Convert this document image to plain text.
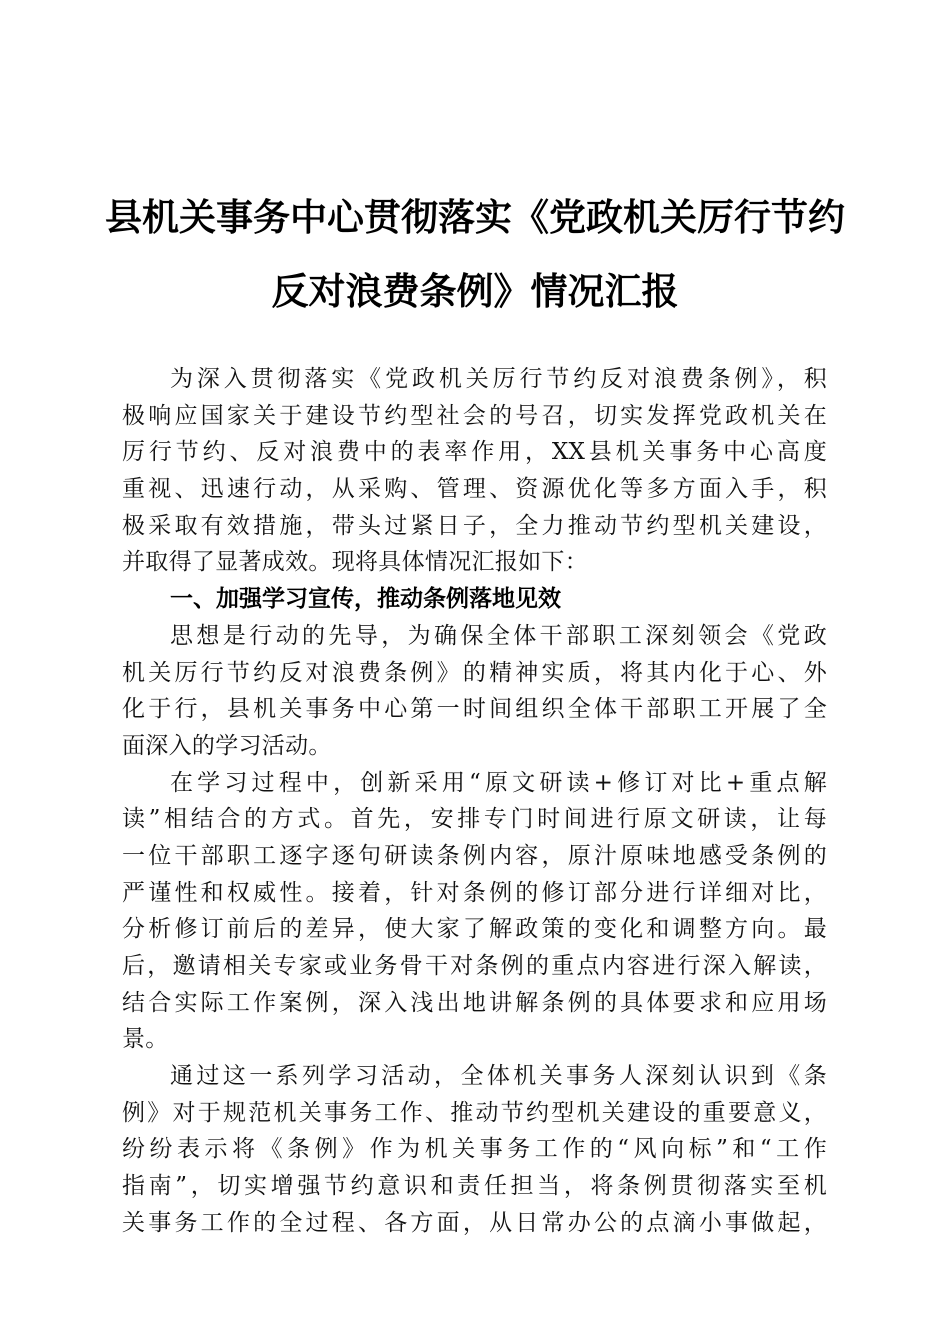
县机关事务中心贯彻落实《党政机关厉行节约
反对浪费条例》情况汇报
为深入贯彻落实《党政机关厉行节约反对浪费条例》，积
极响应国家关于建设节约型社会的号召，切实发挥党政机关在
厉行节约、反对浪费中的表率作用，XX县机关事务中心高度
重视、迅速行动，从采购、管理、资源优化等多方面入手，积
极采取有效措施，带头过紧日子，全力推动节约型机关建设，
并取得了显著成效。现将具体情况汇报如下：
一、加强学习宣传，推动条例落地见效
思想是行动的先导，为确保全体干部职工深刻领会《党政
机关厉行节约反对浪费条例》的精神实质，将其内化于心、外
化于行，县机关事务中心第一时间组织全体干部职工开展了全
面深入的学习活动。
在学习过程中，创新采用“原文研读+修订对比+重点解
读”相结合的方式。首先，安排专门时间进行原文研读，让每
一位干部职工逐字逐句研读条例内容，原汁原味地感受条例的
严谨性和权威性。接着，针对条例的修订部分进行详细对比，
分析修订前后的差异，使大家了解政策的变化和调整方向。最
后，邀请相关专家或业务骨干对条例的重点内容进行深入解读，
结合实际工作案例，深入浅出地讲解条例的具体要求和应用场
景。
通过这一系列学习活动，全体机关事务人深刻认识到《条
例》对于规范机关事务工作、推动节约型机关建设的重要意义，
纷纷表示将《条例》作为机关事务工作的“风向标”和“工作
指南”，切实增强节约意识和责任担当，将条例贯彻落实至机
关事务工作的全过程、各方面，从日常办公的点滴小事做起，
